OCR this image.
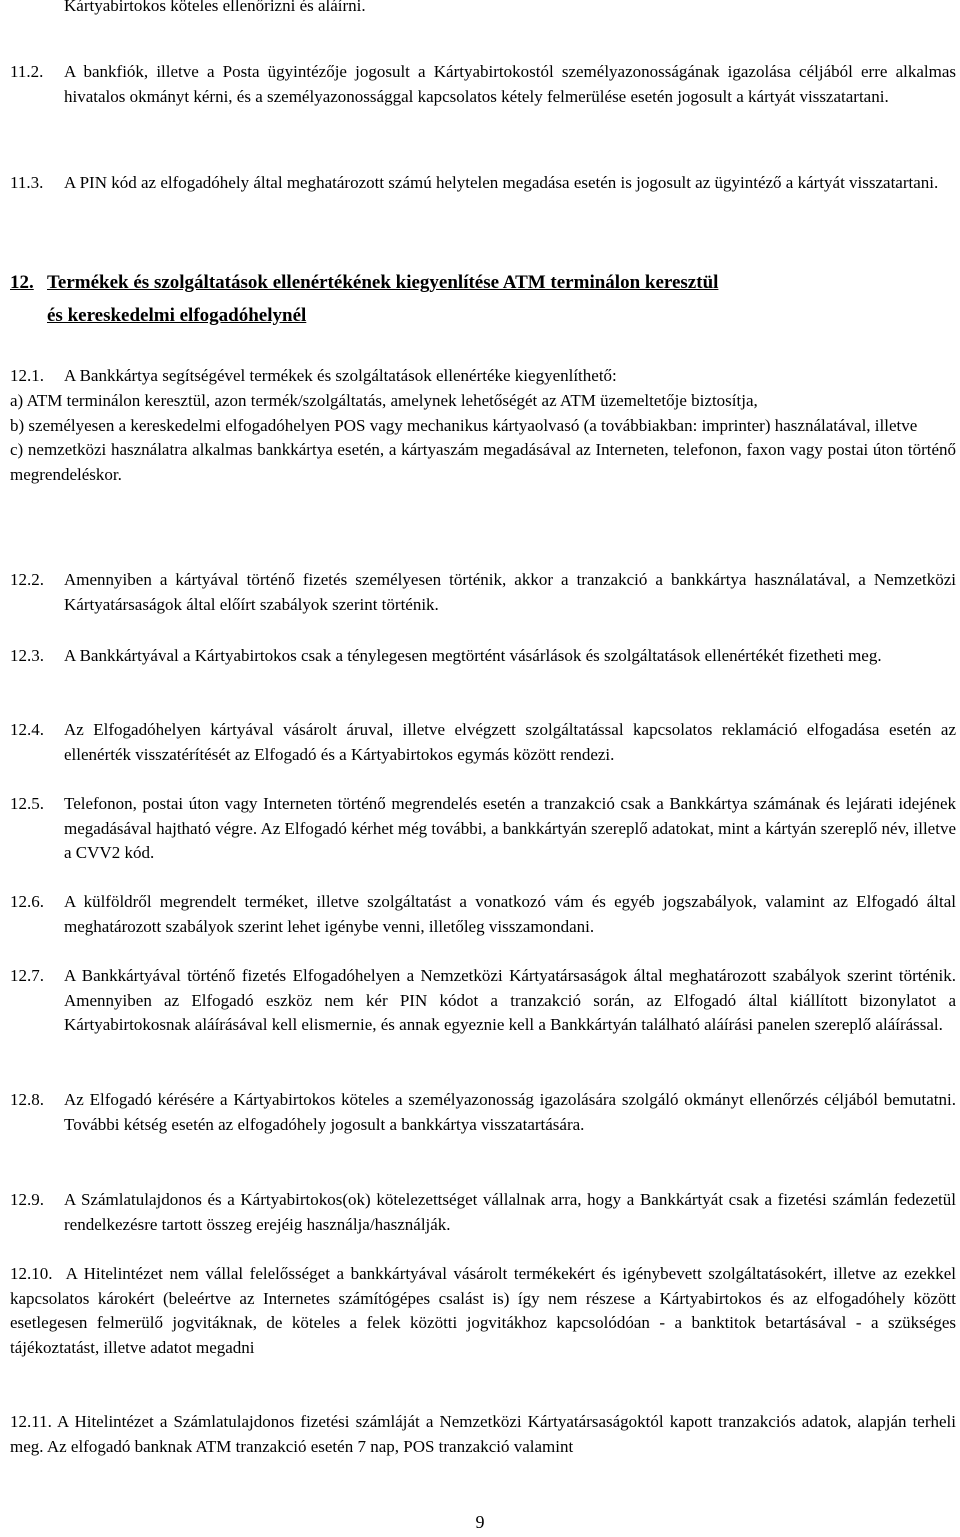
Kártyabirtokos köteles ellenőrizni és aláírni.
11.2.	A bankfiók, illetve a Posta ügyintézője jogosult a Kártyabirtokostól személyazonosságának igazolása céljából erre alkalmas hivatalos okmányt kérni, és a személyazonossággal kapcsolatos kétely felmerülése esetén jogosult a kártyát visszatartani.
11.3.	A PIN kód az elfogadóhely által meghatározott számú helytelen megadása esetén is jogosult az ügyintéző a kártyát visszatartani.
12. Termékek és szolgáltatások ellenértékének kiegyenlítése ATM terminálon keresztül
és kereskedelmi elfogadóhelynél
12.1.	A Bankkártya segítségével termékek és szolgáltatások ellenértéke kiegyenlíthető:

a) ATM terminálon keresztül, azon termék/szolgáltatás, amelynek lehetőségét az ATM üzemeltetője biztosítja,

b) személyesen a kereskedelmi elfogadóhelyen POS vagy mechanikus kártyaolvasó (a továbbiakban: imprinter) használatával, illetve

c) nemzetközi használatra alkalmas bankkártya esetén, a kártyaszám megadásával az Interneten, telefonon, faxon vagy postai úton történő megrendeléskor.

12.2.	Amennyiben a kártyával történő fizetés személyesen történik, akkor a tranzakció a bankkártya használatával, a Nemzetközi Kártyatársaságok által előírt szabályok szerint történik.
12.3.	A Bankkártyával a Kártyabirtokos csak a ténylegesen megtörtént vásárlások és szolgáltatások ellenértékét fizetheti meg.
12.4.	Az Elfogadóhelyen kártyával vásárolt áruval, illetve elvégzett szolgáltatással kapcsolatos reklamáció elfogadása esetén az ellenérték visszatérítését az Elfogadó és a Kártyabirtokos egymás között rendezi.
12.5.	Telefonon, postai úton vagy Interneten történő megrendelés esetén a tranzakció csak a Bankkártya számának és lejárati idejének megadásával hajtható végre. Az Elfogadó kérhet még további, a bankkártyán szereplő adatokat, mint a kártyán szereplő név, illetve a CVV2 kód.
12.6.	A külföldről megrendelt terméket, illetve szolgáltatást a vonatkozó vám és egyéb jogszabályok, valamint az Elfogadó által meghatározott szabályok szerint lehet igénybe venni, illetőleg visszamondani.
12.7.	A Bankkártyával történő fizetés Elfogadóhelyen a Nemzetközi Kártyatársaságok által meghatározott szabályok szerint történik. Amennyiben az Elfogadó eszköz nem kér PIN kódot a tranzakció során, az Elfogadó által kiállított bizonylatot a Kártyabirtokosnak aláírásával kell elismernie, és annak egyeznie kell a Bankkártyán található aláírási panelen szereplő aláírással.
12.8.	Az Elfogadó kérésére a Kártyabirtokos köteles a személyazonosság igazolására szolgáló okmányt ellenőrzés céljából bemutatni. További kétség esetén az elfogadóhely jogosult a bankkártya visszatartására.
12.9.	A Számlatulajdonos és a Kártyabirtokos(ok) kötelezettséget vállalnak arra, hogy a Bankkártyát csak a fizetési számlán fedezetül rendelkezésre tartott összeg erejéig használja/használják.

12.10. A Hitelintézet nem vállal felelősséget a bankkártyával vásárolt termékekért és igénybevett szolgáltatásokért, illetve az ezekkel kapcsolatos károkért (beleértve az Internetes számítógépes csalást is) így nem részese a Kártyabirtokos és az elfogadóhely között esetlegesen felmerülő jogvitáknak, de köteles a felek közötti jogvitákhoz kapcsolódóan - a banktitok betartásával - a szükséges tájékoztatást, illetve adatot megadni

12.11. A Hitelintézet a Számlatulajdonos fizetési számláját a Nemzetközi Kártyatársaságoktól kapott tranzakciós adatok, alapján terheli meg. Az elfogadó banknak ATM tranzakció esetén 7 nap, POS tranzakció valamint

9
